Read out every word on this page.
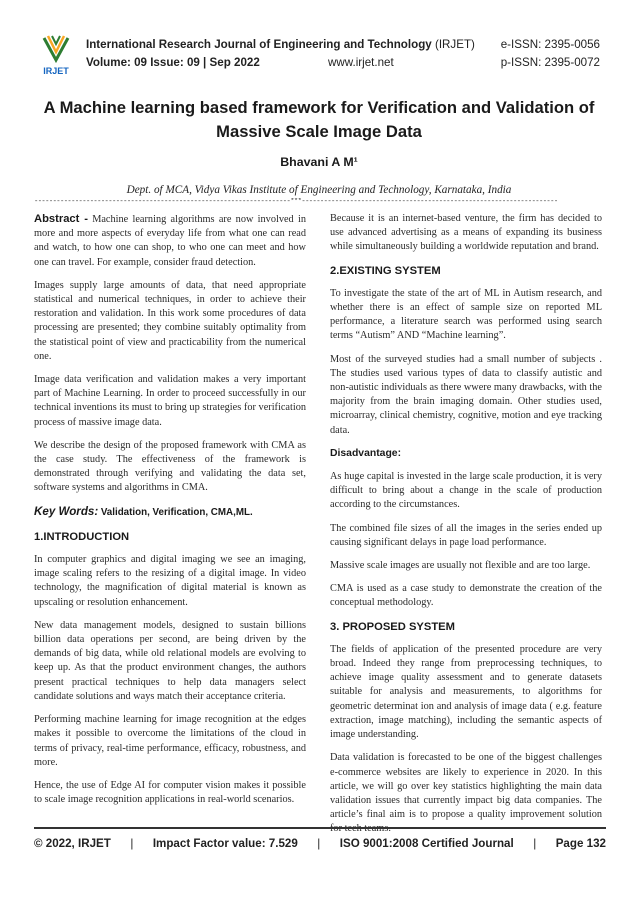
IRJET
International Research Journal of Engineering and Technology (IRJET) e-ISSN: 2395-0056
Volume: 09 Issue: 09 | Sep 2022	www.irjet.net	p-ISSN: 2395-0072
A Machine learning based framework for Verification and Validation of Massive Scale Image Data
Bhavani A M¹
Dept. of MCA, Vidya Vikas Institute of Engineering and Technology, Karnataka, India
---------------------------------------------------------------------***---------------------------------------------------------------------

Abstract - Machine learning algorithms are now involved in more and more aspects of everyday life from what one can read and watch, to how one can shop, to who one can meet and how one can travel. For example, consider fraud detection.

Images supply large amounts of data, that need appropriate statistical and numerical techniques, in order to achieve their restoration and validation. In this work some procedures of data processing are presented; they combine suitably optimality from the statistical point of view and practicability from the numerical one.

Image data verification and validation makes a very important part of Machine Learning. In order to proceed successfully in our technical inventions its must to bring up strategies for verification process of massive image data.

We describe the design of the proposed framework with CMA as the case study. The effectiveness of the framework is demonstrated through verifying and validating the data set, software systems and algorithms in CMA.

Key Words: Validation, Verification, CMA,ML.

1.INTRODUCTION

In computer graphics and digital imaging we see an imaging, image scaling refers to the resizing of a digital image. In video technology, the magnification of digital material is known as upscaling or resolution enhancement.

New data management models, designed to sustain billions billion data operations per second, are being driven by the demands of big data, while old relational models are evolving to keep up. As that the product environment changes, the authors present practical techniques to help data managers select candidate solutions and ways match their acceptance criteria.

Performing machine learning for image recognition at the edges makes it possible to overcome the limitations of the cloud in terms of privacy, real-time performance, efficacy, robustness, and more.

Hence, the use of Edge AI for computer vision makes it possible to scale image recognition applications in real-world scenarios.

Because it is an internet-based venture, the firm has decided to use advanced advertising as a means of expanding its business while simultaneously building a worldwide reputation and brand.

2.EXISTING SYSTEM

To investigate the state of the art of ML in Autism research, and whether there is an effect of sample size on reported ML performance, a literature search was performed using search terms “Autism” AND “Machine learning”.

Most of the surveyed studies had a small number of subjects . The studies used various types of data to classify autistic and non-autistic individuals as there wwere many drawbacks, with the majority from the brain imaging domain. Other studies used, microarray, clinical chemistry, cognitive, motion and eye tracking data.

Disadvantage:

As huge capital is invested in the large scale production, it is very difficult to bring about a change in the scale of production according to the circumstances.

The combined file sizes of all the images in the series ended up causing significant delays in page load performance.

Massive scale images are usually not flexible and are too large.

CMA is used as a case study to demonstrate the creation of the conceptual methodology.

3. PROPOSED SYSTEM

The fields of application of the presented procedure are very broad. Indeed they range from preprocessing techniques, to achieve image quality assessment and to generate datasets suitable for analysis and measurements, to algorithms for geometric determinat ion and analysis of image data ( e.g. feature extraction, image matching), including the semantic aspects of image understanding.

Data validation is forecasted to be one of the biggest challenges e-commerce websites are likely to experience in 2020. In this article, we will go over key statistics highlighting the main data validation issues that currently impact big data companies. The article’s final aim is to propose a quality improvement solution

© 2022, IRJET | Impact Factor value: 7.529 | ISO 9001:2008 Certified Journal | Page 132
